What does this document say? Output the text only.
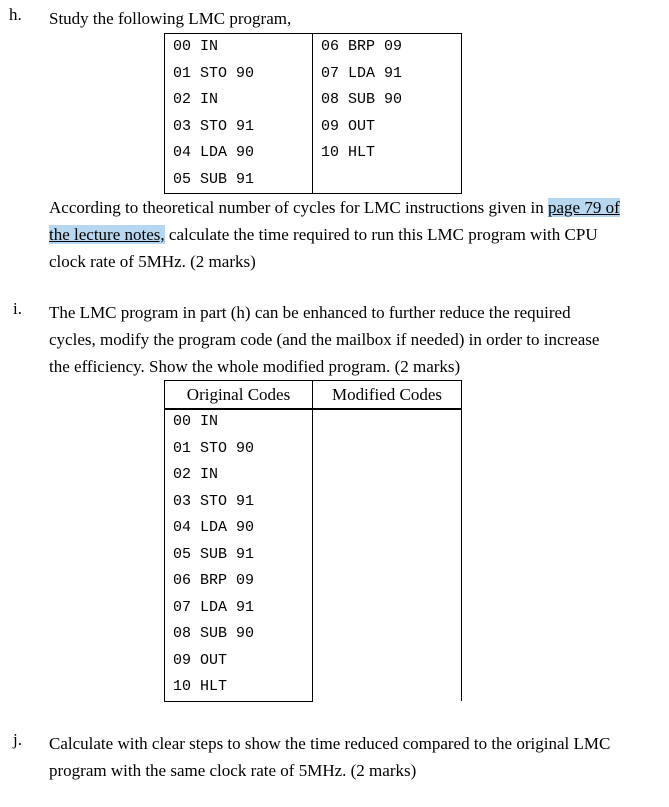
h. Study the following LMC program,
00 IN	06 BRP 09

01 STO 90	07 LDA 91

02 IN	08 SUB 90

03 STO 91	09 OUT

04 LDA 90	10 HLT

05 SUB 91	

According to theoretical number of cycles for LMC instructions given in page 79 of
the lecture notes, calculate the time required to run this LMC program with CPU
clock rate of 5MHz. (2 marks)
i. The LMC program in part (h) can be enhanced to further reduce the required
cycles, modify the program code (and the mailbox if needed) in order to increase
the efficiency. Show the whole modified program. (2 marks)
Original Codes	Modified Codes
00 IN

01 STO 90

02 IN

03 STO 91

04 LDA 90

05 SUB 91

06 BRP 09

07 LDA 91

08 SUB 90

09 OUT

10 HLT
j. Calculate with clear steps to show the time reduced compared to the original LMC
program with the same clock rate of 5MHz. (2 marks)
